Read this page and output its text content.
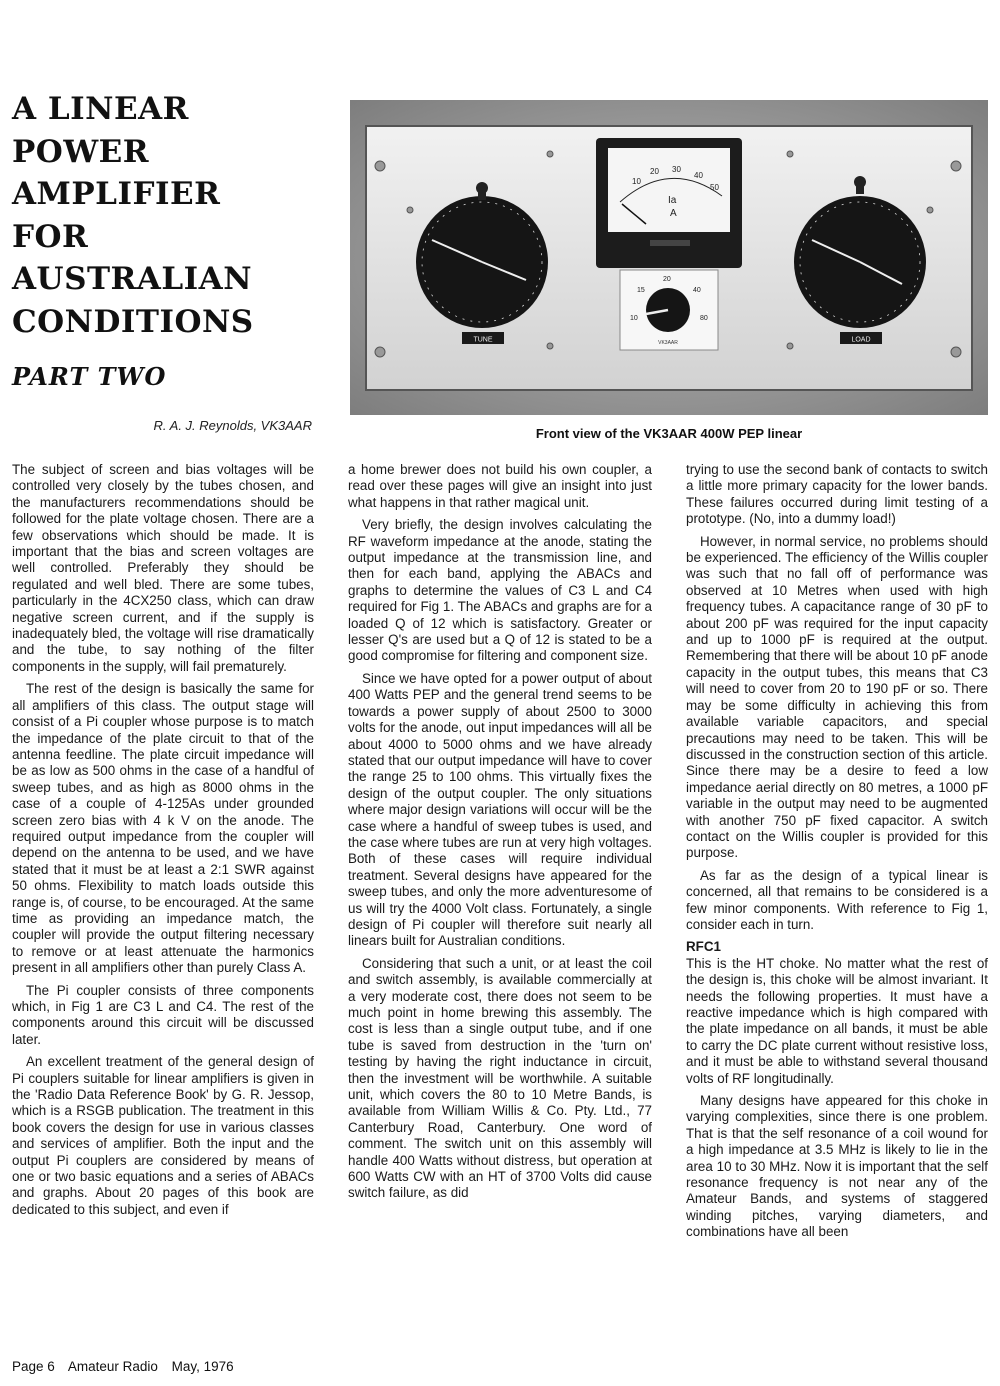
A LINEAR
POWER
AMPLIFIER
FOR
AUSTRALIAN
CONDITIONS
PART TWO
R. A. J. Reynolds, VK3AAR
TUNE	LOAD
10
20 30
40
50
Ia
A
10
15
20
40
80
VK3AAR
Front view of the VK3AAR 400W PEP linear

The subject of screen and bias voltages will be controlled very closely by the tubes chosen, and the manufacturers recommendations should be followed for the plate voltage chosen. There are a few observations which should be made. It is important that the bias and screen voltages are well controlled. Preferably they should be regulated and well bled. There are some tubes, particularly in the 4CX250 class, which can draw negative screen current, and if the supply is inadequately bled, the voltage will rise dramatically and the tube, to say nothing of the filter components in the supply, will fail prematurely.

The rest of the design is basically the same for all amplifiers of this class. The output stage will consist of a Pi coupler whose purpose is to match the impedance of the plate circuit to that of the antenna feedline. The plate circuit impedance will be as low as 500 ohms in the case of a handful of sweep tubes, and as high as 8000 ohms in the case of a couple of 4-125As under grounded screen zero bias with 4 k V on the anode. The required output impedance from the coupler will depend on the antenna to be used, and we have stated that it must be at least a 2:1 SWR against 50 ohms. Flexibility to match loads outside this range is, of course, to be encouraged. At the same time as providing an impedance match, the coupler will provide the output filtering necessary to remove or at least attenuate the harmonics present in all amplifiers other than purely Class A.

The Pi coupler consists of three components which, in Fig 1 are C3 L and C4. The rest of the components around this circuit will be discussed later.

An excellent treatment of the general design of Pi couplers suitable for linear amplifiers is given in the 'Radio Data Reference Book' by G. R. Jessop, which is a RSGB publication. The treatment in this book covers the design for use in various classes and services of amplifier. Both the input and the output Pi couplers are considered by means of one or two basic equations and a series of ABACs and graphs. About 20 pages of this book are dedicated to this subject, and even if

a home brewer does not build his own coupler, a read over these pages will give an insight into just what happens in that rather magical unit.

Very briefly, the design involves calculating the RF waveform impedance at the anode, stating the output impedance at the transmission line, and then for each band, applying the ABACs and graphs to determine the values of C3 L and C4 required for Fig 1. The ABACs and graphs are for a loaded Q of 12 which is satisfactory. Greater or lesser Q's are used but a Q of 12 is stated to be a good compromise for filtering and component size.

Since we have opted for a power output of about 400 Watts PEP and the general trend seems to be towards a power supply of about 2500 to 3000 volts for the anode, out input impedances will all be about 4000 to 5000 ohms and we have already stated that our output impedance will have to cover the range 25 to 100 ohms. This virtually fixes the design of the output coupler. The only situations where major design variations will occur will be the case where a handful of sweep tubes is used, and the case where tubes are run at very high voltages. Both of these cases will require individual treatment. Several designs have appeared for the sweep tubes, and only the more adventuresome of us will try the 4000 Volt class. Fortunately, a single design of Pi coupler will therefore suit nearly all linears built for Australian conditions.

Considering that such a unit, or at least the coil and switch assembly, is available commercially at a very moderate cost, there does not seem to be much point in home brewing this assembly. The cost is less than a single output tube, and if one tube is saved from destruction in the 'turn on' testing by having the right inductance in circuit, then the investment will be worthwhile. A suitable unit, which covers the 80 to 10 Metre Bands, is available from William Willis & Co. Pty. Ltd., 77 Canterbury Road, Canterbury. One word of comment. The switch unit on this assembly will handle 400 Watts without distress, but operation at 600 Watts CW with an HT of 3700 Volts did cause switch failure, as did

trying to use the second bank of contacts to switch a little more primary capacity for the lower bands. These failures occurred during limit testing of a prototype. (No, into a dummy load!)

However, in normal service, no problems should be experienced. The efficiency of the Willis coupler was such that no fall off of performance was observed at 10 Metres when used with high frequency tubes. A capacitance range of 30 pF to about 200 pF was required for the input capacity and up to 1000 pF is required at the output. Remembering that there will be about 10 pF anode capacity in the output tubes, this means that C3 will need to cover from 20 to 190 pF or so. There may be some difficulty in achieving this from available variable capacitors, and special precautions may need to be taken. This will be discussed in the construction section of this article. Since there may be a desire to feed a low impedance aerial directly on 80 metres, a 1000 pF variable in the output may need to be augmented with another 750 pF fixed capacitor. A switch contact on the Willis coupler is provided for this purpose.

As far as the design of a typical linear is concerned, all that remains to be considered is a few minor components. With reference to Fig 1, consider each in turn.

RFC1

This is the HT choke. No matter what the rest of the design is, this choke will be almost invariant. It needs the following properties. It must have a reactive impedance which is high compared with the plate impedance on all bands, it must be able to carry the DC plate current without resistive loss, and it must be able to withstand several thousand volts of RF longitudinally.

Many designs have appeared for this choke in varying complexities, since there is one problem. That is that the self resonance of a coil wound for a high impedance at 3.5 MHz is likely to lie in the area 10 to 30 MHz. Now it is important that the self resonance frequency is not near any of the Amateur Bands, and systems of staggered winding pitches, varying diameters, and combinations have all been

Page 6 Amateur Radio May, 1976
